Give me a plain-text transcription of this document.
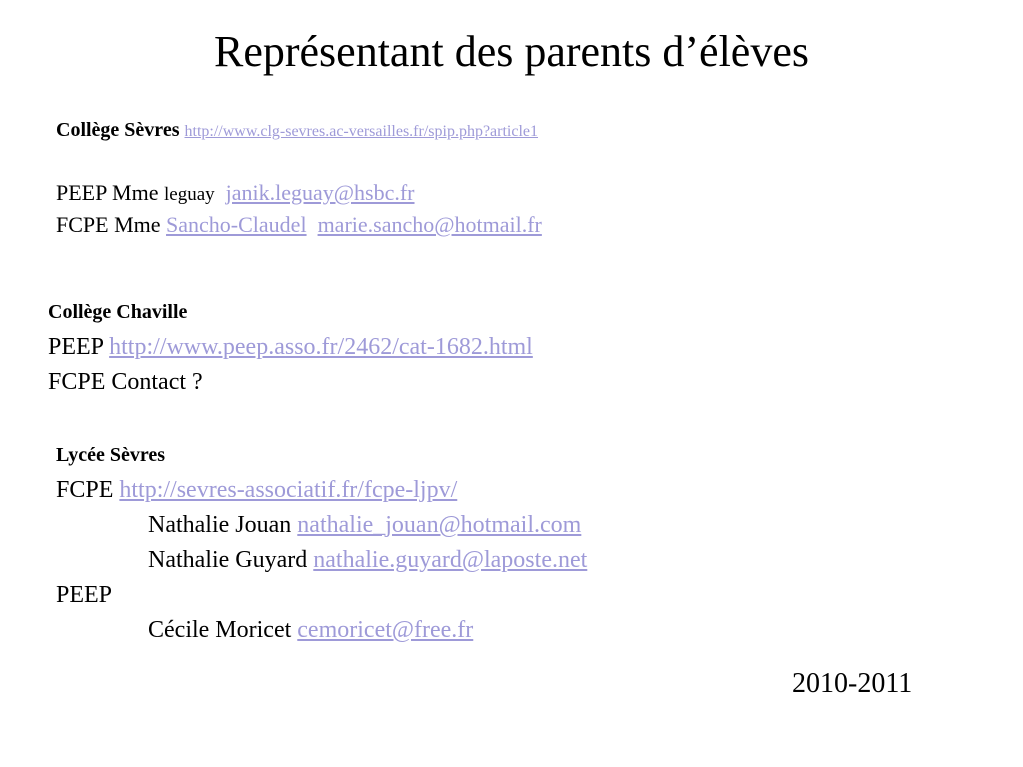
Représentant des parents d’élèves
Collège Sèvres http://www.clg-sevres.ac-versailles.fr/spip.php?article1
PEEP Mme leguay janik.leguay@hsbc.fr
FCPE Mme Sancho-Claudel marie.sancho@hotmail.fr
Collège Chaville
PEEP http://www.peep.asso.fr/2462/cat-1682.html
FCPE Contact ?
Lycée Sèvres
FCPE http://sevres-associatif.fr/fcpe-ljpv/
Nathalie Jouan nathalie_jouan@hotmail.com
Nathalie Guyard nathalie.guyard@laposte.net
PEEP
Cécile Moricet cemoricet@free.fr
2010-2011
